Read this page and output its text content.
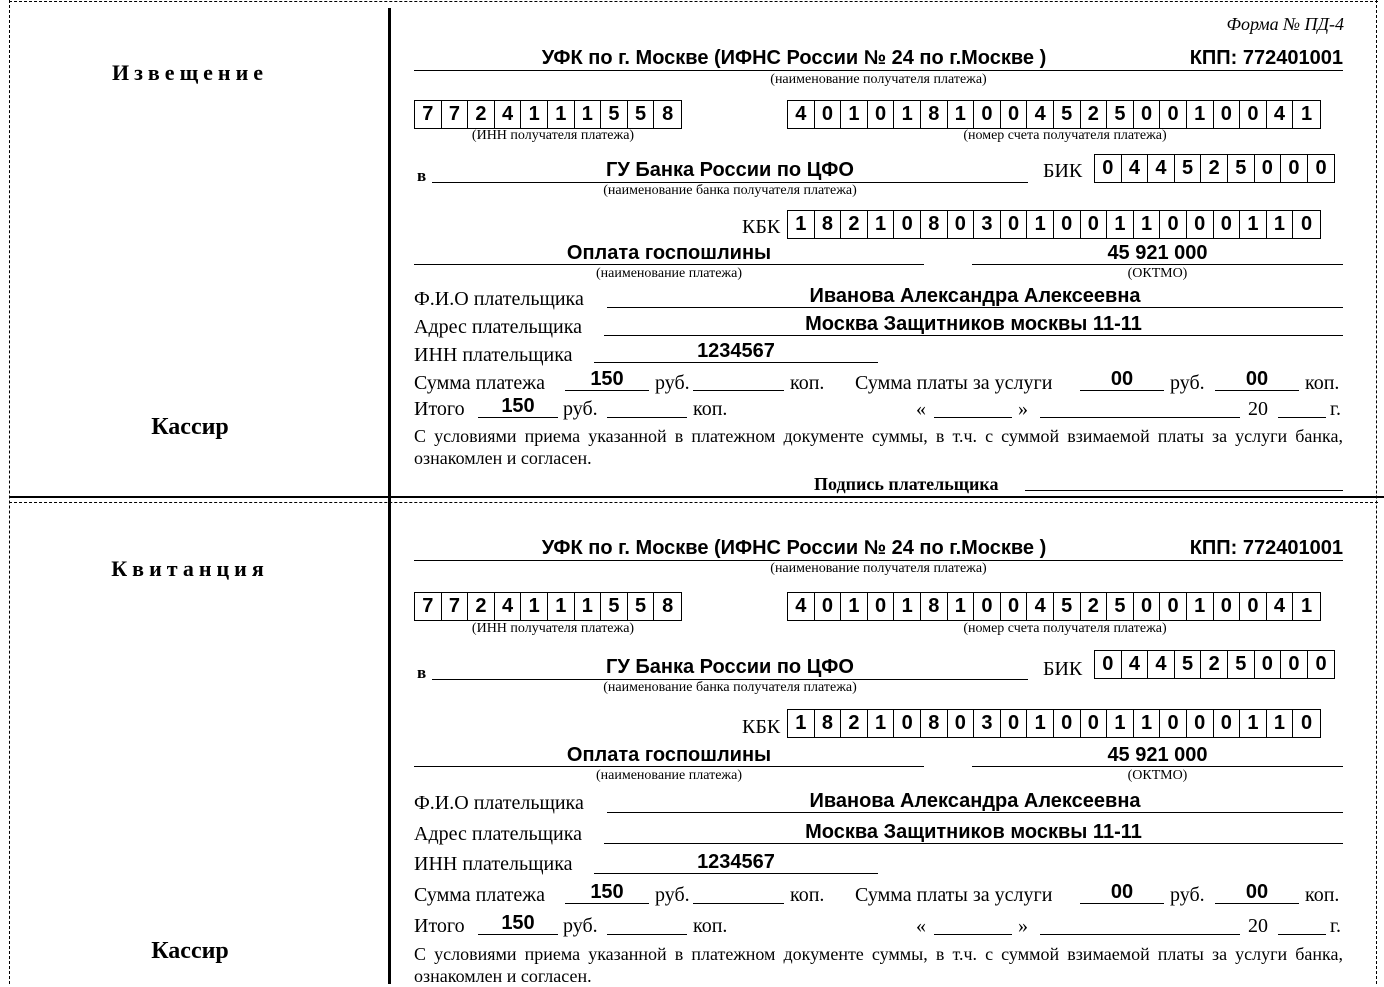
Форма № ПД-4
Извещение
Кассир
УФК по г. Москве (ИФНС России № 24 по г.Москве )	КПП: 772401001
(наименование получателя платежа)
7 7 2 4 1 1 1 5 5 8
(ИНН получателя платежа)
4 0 1 0 1 8 1 0 0 4 5 2 5 0 0 1 0 0 4 1
(номер счета получателя платежа)
в	ГУ Банка России по ЦФО
(наименование банка получателя платежа)
БИК 0 4 4 5 2 5 0 0 0
КБК 1 8 2 1 0 8 0 3 0 1 0 0 1 1 0 0 0 1 1 0
Оплата госпошлины
(наименование платежа)
45 921 000
(ОКТМО)
Ф.И.О плательщика	Иванова Александра Алексеевна
Адрес плательщика	Москва Защитников москвы 11-11
ИНН плательщика	1234567
Сумма платежа	150	руб.	коп. Сумма платы за услуги	00	руб.	00	коп.
Итого	150	руб.	коп.	«	»	20	г.
С условиями приема указанной в платежном документе суммы, в т.ч. с суммой взимаемой платы за услуги банка, ознакомлен и согласен.
Подпись плательщика
Квитанция
Кассир
УФК по г. Москве (ИФНС России № 24 по г.Москве )	КПП: 772401001
(наименование получателя платежа)
7 7 2 4 1 1 1 5 5 8
(ИНН получателя платежа)
4 0 1 0 1 8 1 0 0 4 5 2 5 0 0 1 0 0 4 1
(номер счета получателя платежа)
в	ГУ Банка России по ЦФО
(наименование банка получателя платежа)
БИК 0 4 4 5 2 5 0 0 0
КБК 1 8 2 1 0 8 0 3 0 1 0 0 1 1 0 0 0 1 1 0
Оплата госпошлины
(наименование платежа)
45 921 000
(ОКТМО)
Ф.И.О плательщика	Иванова Александра Алексеевна
Адрес плательщика	Москва Защитников москвы 11-11
ИНН плательщика	1234567
Сумма платежа	150	руб.	коп. Сумма платы за услуги	00	руб.	00	коп.
Итого	150	руб.	коп.	«	»	20	г.
С условиями приема указанной в платежном документе суммы, в т.ч. с суммой взимаемой платы за услуги банка, ознакомлен и согласен.
